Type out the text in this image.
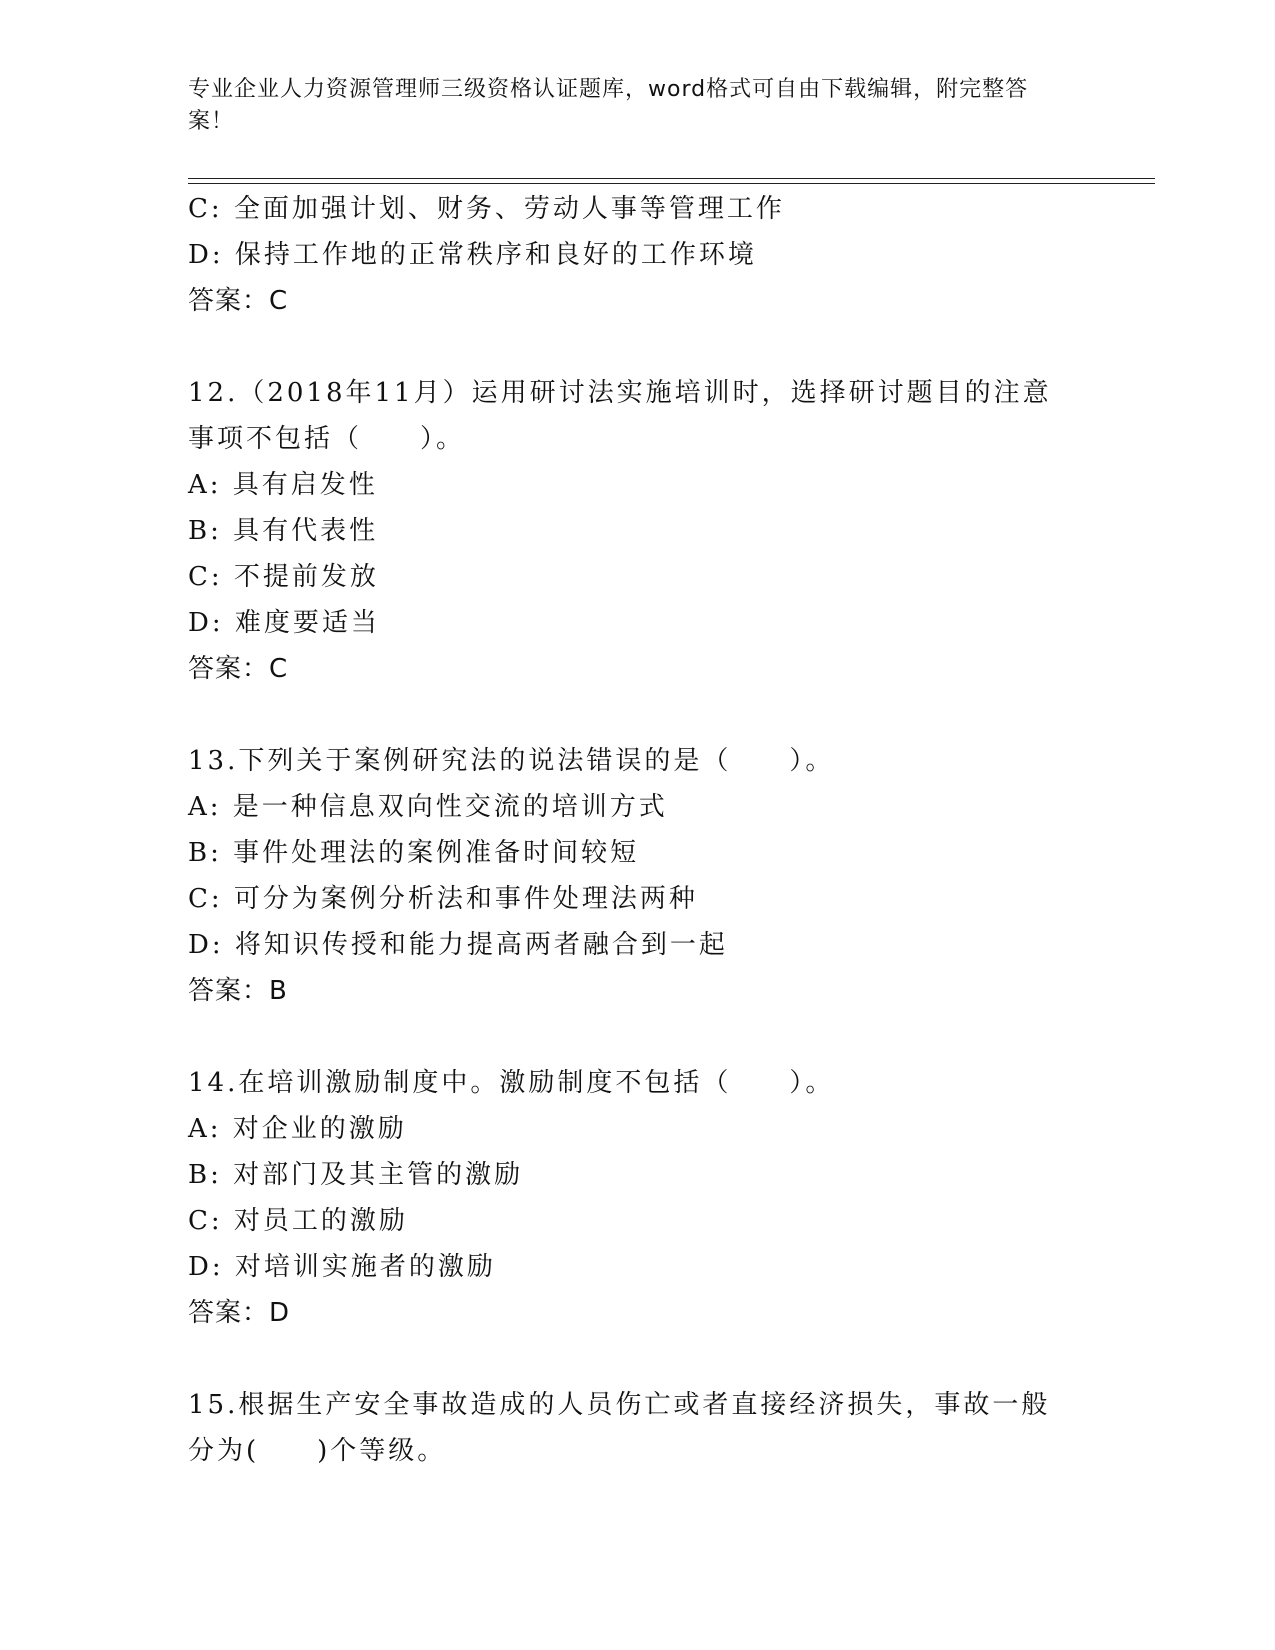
专业企业人力资源管理师三级资格认证题库，word格式可自由下载编辑，附完整答案！
C: 全面加强计划、财务、劳动人事等管理工作
D: 保持工作地的正常秩序和良好的工作环境
答案：C
12.（2018年11月）运用研讨法实施培训时，选择研讨题目的注意事项不包括（　　）。
A: 具有启发性
B: 具有代表性
C: 不提前发放
D: 难度要适当
答案：C
13.下列关于案例研究法的说法错误的是（　　）。
A: 是一种信息双向性交流的培训方式
B: 事件处理法的案例准备时间较短
C: 可分为案例分析法和事件处理法两种
D: 将知识传授和能力提高两者融合到一起
答案：B
14.在培训激励制度中。激励制度不包括（　　）。
A: 对企业的激励
B: 对部门及其主管的激励
C: 对员工的激励
D: 对培训实施者的激励
答案：D
15.根据生产安全事故造成的人员伤亡或者直接经济损失，事故一般分为(　　)个等级。
